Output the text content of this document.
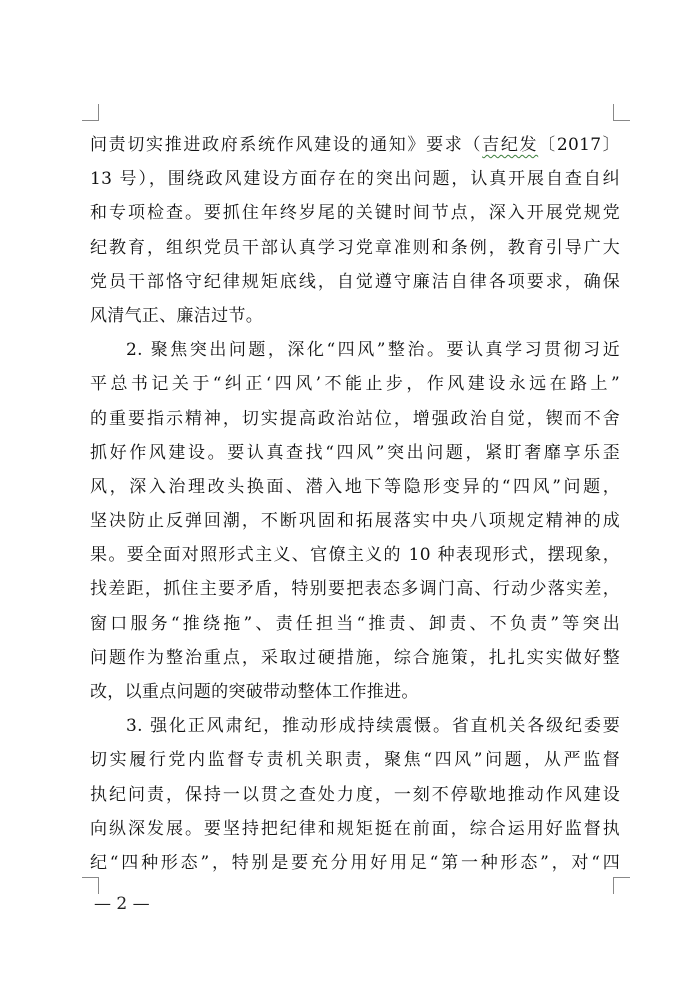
问责切实推进政府系统作风建设的通知》要求（吉纪发〔2017〕
13 号），围绕政风建设方面存在的突出问题，认真开展自查自纠
和专项检查。要抓住年终岁尾的关键时间节点，深入开展党规党
纪教育，组织党员干部认真学习党章准则和条例，教育引导广大
党员干部恪守纪律规矩底线，自觉遵守廉洁自律各项要求，确保
风清气正、廉洁过节。
2. 聚焦突出问题，深化“四风”整治。要认真学习贯彻习近
平总书记关于“纠正‘四风’不能止步，作风建设永远在路上”
的重要指示精神，切实提高政治站位，增强政治自觉，锲而不舍
抓好作风建设。要认真查找“四风”突出问题，紧盯奢靡享乐歪
风，深入治理改头换面、潜入地下等隐形变异的“四风”问题，
坚决防止反弹回潮，不断巩固和拓展落实中央八项规定精神的成
果。要全面对照形式主义、官僚主义的 10 种表现形式，摆现象，
找差距，抓住主要矛盾，特别要把表态多调门高、行动少落实差，
窗口服务“推绕拖”、责任担当“推责、卸责、不负责”等突出
问题作为整治重点，采取过硬措施，综合施策，扎扎实实做好整
改，以重点问题的突破带动整体工作推进。
3. 强化正风肃纪，推动形成持续震慑。省直机关各级纪委要
切实履行党内监督专责机关职责，聚焦“四风”问题，从严监督
执纪问责，保持一以贯之查处力度，一刻不停歇地推动作风建设
向纵深发展。要坚持把纪律和规矩挺在前面，综合运用好监督执
纪“四种形态”，特别是要充分用好用足“第一种形态”，对“四
— 2 —
